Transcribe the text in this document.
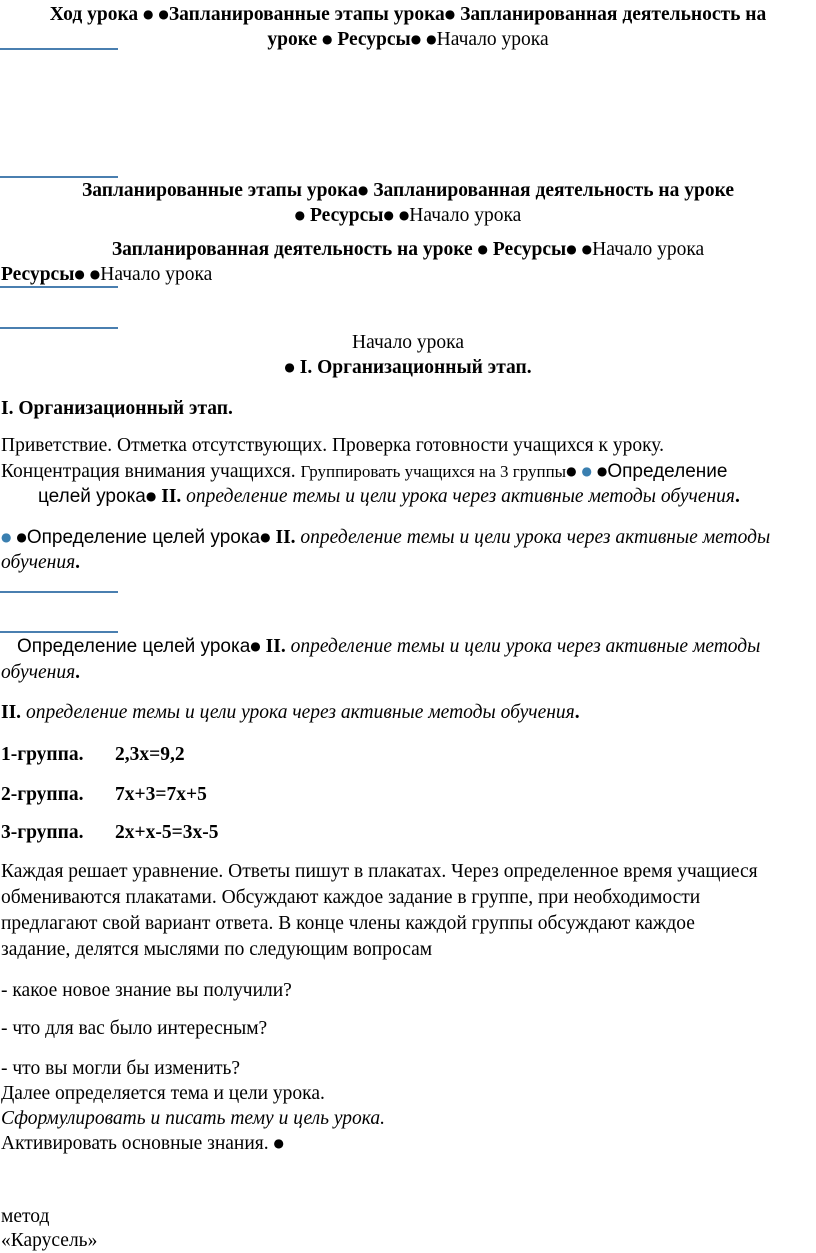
Ход урока ● ●Запланированные этапы урока● Запланированная деятельность на
уроке ● Ресурсы● ●Начало урока
Запланированные этапы урока● Запланированная деятельность на уроке
● Ресурсы● ●Начало урока
Запланированная деятельность на уроке ● Ресурсы● ●Начало урока
Ресурсы● ●Начало урока
Начало урока
● I. Организационный этап.
I. Организационный этап.
Приветствие. Отметка отсутствующих. Проверка готовности учащихся к уроку.
Концентрация внимания учащихся. Группировать учащихся на 3 группы● ● ●Определение
целей урока● II. определение темы и цели урока через активные методы обучения.
● ●Определение целей урока● II. определение темы и цели урока через активные методы
обучения.
Определение целей урока● II. определение темы и цели урока через активные методы
обучения.
II. определение темы и цели урока через активные методы обучения.
1-группа. 2,3х=9,2
2-группа. 7х+3=7х+5
3-группа. 2х+х-5=3х-5
Каждая решает уравнение. Ответы пишут в плакатах. Через определенное время учащиеся
обмениваются плакатами. Обсуждают каждое задание в группе, при необходимости
предлагают свой вариант ответа. В конце члены каждой группы обсуждают каждое
задание, делятся мыслями по следующим вопросам
- какое новое знание вы получили?
- что для вас было интересным?
- что вы могли бы изменить?
Далее определяется тема и цели урока.
Сформулировать и писать тему и цель урока.
Активировать основные знания. ●
метод
«Карусель»
